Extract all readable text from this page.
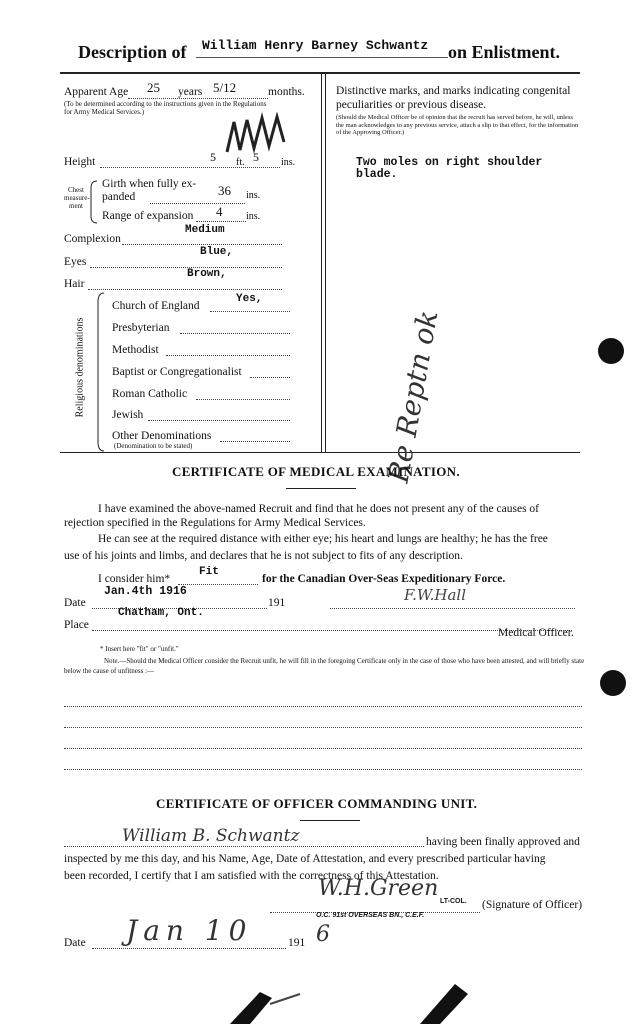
Description of William Henry Barney Schwantz on Enlistment.
Apparent Age 25 years 5/12	months.
(To be determined according to the instructions given in the Regulations for Army Medical Services.)
Height	5 ft. 5 ins.
Chest measure-ment
Girth when fully ex-panded	36 ins.
Range of expansion 4 ins.
Complexion
Medium
Eyes
Blue,
Hair
Brown,
Religious denominations
Church of England
Yes,
Presbyterian
Methodist
Baptist or Congregationalist
Roman Catholic
Jewish
Other Denominations
(Denomination to be stated)
Distinctive marks, and marks indicating congenital peculiarities or previous disease.
(Should the Medical Officer be of opinion that the recruit has served before, he will, unless the man acknowledges to any previous service, attach a slip to that effect, for the information of the Approving Officer.)
Two moles on right shoulder
blade.
Re Reptn ok
CERTIFICATE OF MEDICAL EXAMINATION.
I have examined the above-named Recruit and find that he does not present any of the causes of
rejection specified in the Regulations for Army Medical Services.
He can see at the required distance with either eye; his heart and lungs are healthy; he has the free
use of his joints and limbs, and declares that he is not subject to fits of any description.
I consider him*
Fit
for the Canadian Over-Seas Expeditionary Force.
Date
Jan.4th 1916
191	F.W.Hall
Place
Chatham, Ont.
Medical Officer.
* Insert here "fit" or "unfit."
Note.—Should the Medical Officer consider the Recruit unfit, he will fill in the foregoing Certificate only in the case of those who have been attested, and will briefly state below the cause of unfitness :—
CERTIFICATE OF OFFICER COMMANDING UNIT.
William B. Schwantz	having been finally approved and
inspected by me this day, and his Name, Age, Date of Attestation, and every prescribed particular having
been recorded, I certify that I am satisfied with the correctness of this Attestation.
W.H.Green
LT-COL.
O.C. 91st OVERSEAS BN., C.E.F.
(Signature of Officer)
Date Jan 10	191 6
